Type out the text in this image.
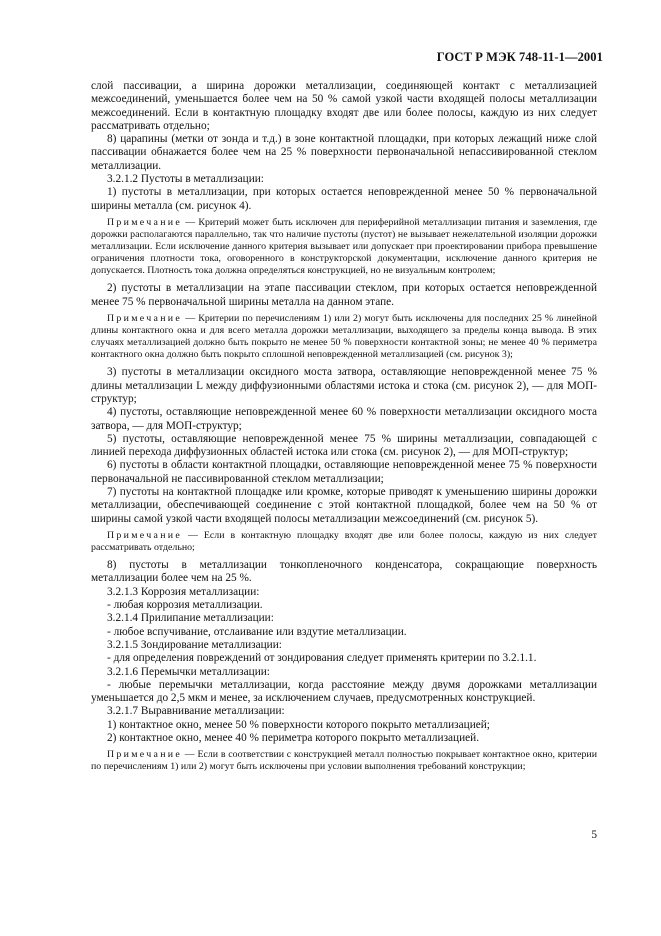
ГОСТ Р МЭК 748-11-1—2001

слой пассивации, а ширина дорожки металлизации, соединяющей контакт с металлизацией межсоединений, уменьшается более чем на 50 % самой узкой части входящей полосы металлизации межсоединений. Если в контактную площадку входят две или более полосы, каждую из них следует рассматривать отдельно;

8) царапины (метки от зонда и т.д.) в зоне контактной площадки, при которых лежащий ниже слой пассивации обнажается более чем на 25 % поверхности первоначальной непассивированной стеклом металлизации.

3.2.1.2 Пустоты в металлизации:

1) пустоты в металлизации, при которых остается неповрежденной менее 50 % первоначальной ширины металла (см. рисунок 4).

Примечание — Критерий может быть исключен для периферийной металлизации питания и заземления, где дорожки располагаются параллельно, так что наличие пустоты (пустот) не вызывает нежелательной изоляции дорожки металлизации. Если исключение данного критерия вызывает или допускает при проектировании прибора превышение ограничения плотности тока, оговоренного в конструкторской документации, исключение данного критерия не допускается. Плотность тока должна определяться конструкцией, но не визуальным контролем;

2) пустоты в металлизации на этапе пассивации стеклом, при которых остается неповрежденной менее 75 % первоначальной ширины металла на данном этапе.

Примечание — Критерии по перечислениям 1) или 2) могут быть исключены для последних 25 % линейной длины контактного окна и для всего металла дорожки металлизации, выходящего за пределы конца вывода. В этих случаях металлизацией должно быть покрыто не менее 50 % поверхности контактной зоны; не менее 40 % периметра контактного окна должно быть покрыто сплошной неповрежденной металлизацией (см. рисунок 3);

3) пустоты в металлизации оксидного моста затвора, оставляющие неповрежденной менее 75 % длины металлизации L между диффузионными областями истока и стока (см. рисунок 2), — для МОП-структур;

4) пустоты, оставляющие неповрежденной менее 60 % поверхности металлизации оксидного моста затвора, — для МОП-структур;

5) пустоты, оставляющие неповрежденной менее 75 % ширины металлизации, совпадающей с линией перехода диффузионных областей истока или стока (см. рисунок 2), — для МОП-структур;

6) пустоты в области контактной площадки, оставляющие неповрежденной менее 75 % поверхности первоначальной не пассивированной стеклом металлизации;

7) пустоты на контактной площадке или кромке, которые приводят к уменьшению ширины дорожки металлизации, обеспечивающей соединение с этой контактной площадкой, более чем на 50 % от ширины самой узкой части входящей полосы металлизации межсоединений (см. рисунок 5).

Примечание — Если в контактную площадку входят две или более полосы, каждую из них следует рассматривать отдельно;

8) пустоты в металлизации тонкопленочного конденсатора, сокращающие поверхность металлизации более чем на 25 %.

3.2.1.3 Коррозия металлизации:

- любая коррозия металлизации.

3.2.1.4 Прилипание металлизации:

- любое вспучивание, отслаивание или вздутие металлизации.

3.2.1.5 Зондирование металлизации:

- для определения повреждений от зондирования следует применять критерии по 3.2.1.1.

3.2.1.6 Перемычки металлизации:

- любые перемычки металлизации, когда расстояние между двумя дорожками металлизации уменьшается до 2,5 мкм и менее, за исключением случаев, предусмотренных конструкцией.

3.2.1.7 Выравнивание металлизации:

1) контактное окно, менее 50 % поверхности которого покрыто металлизацией;

2) контактное окно, менее 40 % периметра которого покрыто металлизацией.

Примечание — Если в соответствии с конструкцией металл полностью покрывает контактное окно, критерии по перечислениям 1) или 2) могут быть исключены при условии выполнения требований конструкции;

5
